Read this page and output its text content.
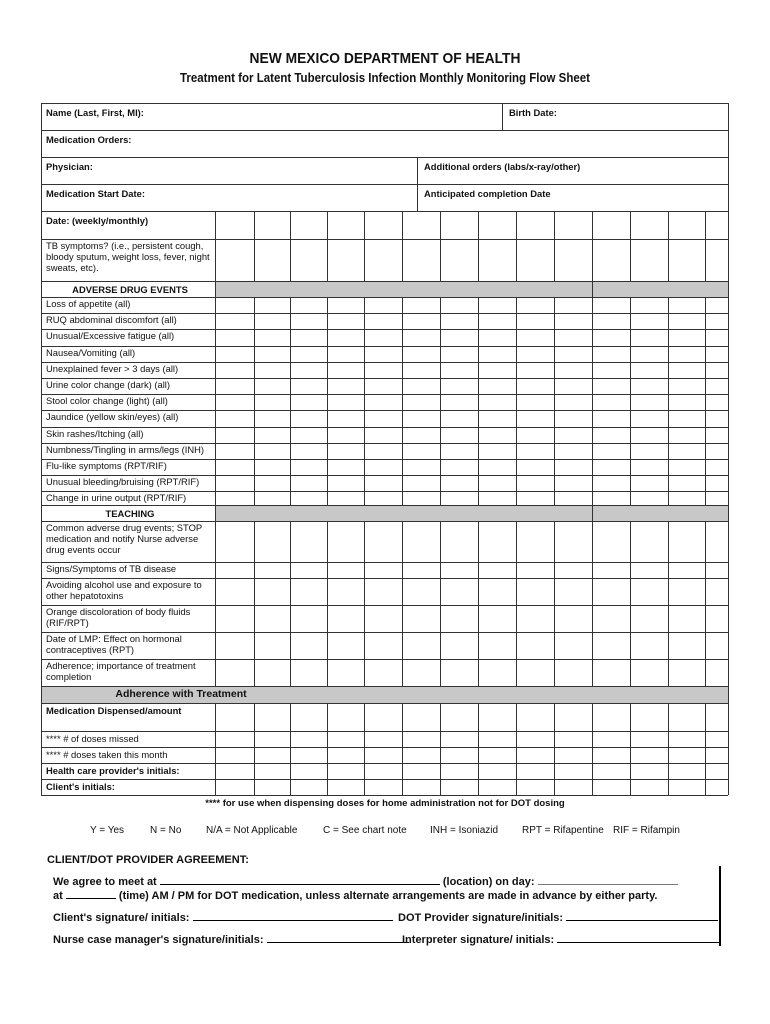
NEW MEXICO DEPARTMENT OF HEALTH
Treatment for Latent Tuberculosis Infection Monthly Monitoring Flow Sheet
Name (Last, First, MI):	Birth Date:
Medication Orders:
Physician:	Additional orders (labs/x-ray/other)
Medication Start Date:	Anticipated completion Date
Date: (weekly/monthly)
TB symptoms? (i.e., persistent cough, bloody sputum, weight loss, fever, night sweats, etc).
ADVERSE DRUG EVENTS
Loss of appetite (all)
RUQ abdominal discomfort (all)
Unusual/Excessive fatigue (all)
Nausea/Vomiting (all)
Unexplained fever > 3 days (all)
Urine color change (dark) (all)
Stool color change (light) (all)
Jaundice (yellow skin/eyes) (all)
Skin rashes/Itching (all)
Numbness/Tingling in arms/legs (INH)
Flu-like symptoms (RPT/RIF)
Unusual bleeding/bruising (RPT/RIF)
Change in urine output (RPT/RIF)
TEACHING
Common adverse drug events; STOP medication and notify Nurse adverse drug events occur
Signs/Symptoms of TB disease
Avoiding alcohol use and exposure to other hepatotoxins
Orange discoloration of body fluids (RIF/RPT)
Date of LMP: Effect on hormonal contraceptives (RPT)
Adherence; importance of treatment completion
Adherence with Treatment
Medication Dispensed/amount
**** # of doses missed
**** # doses taken this month
Health care provider's initials:
Client's initials:
**** for use when dispensing doses for home administration not for DOT dosing
Y = Yes	N = No N/A = Not Applicable	C = See chart note INH = Isoniazid RPT = Rifapentine RIF = Rifampin
CLIENT/DOT PROVIDER AGREEMENT:
We agree to meet at	(location) on day:
at	(time) AM / PM for DOT medication, unless alternate arrangements are made in advance by either party.
Client's signature/ initials:	DOT Provider signature/initials:
Nurse case manager's signature/initials:	Interpreter signature/ initials:
